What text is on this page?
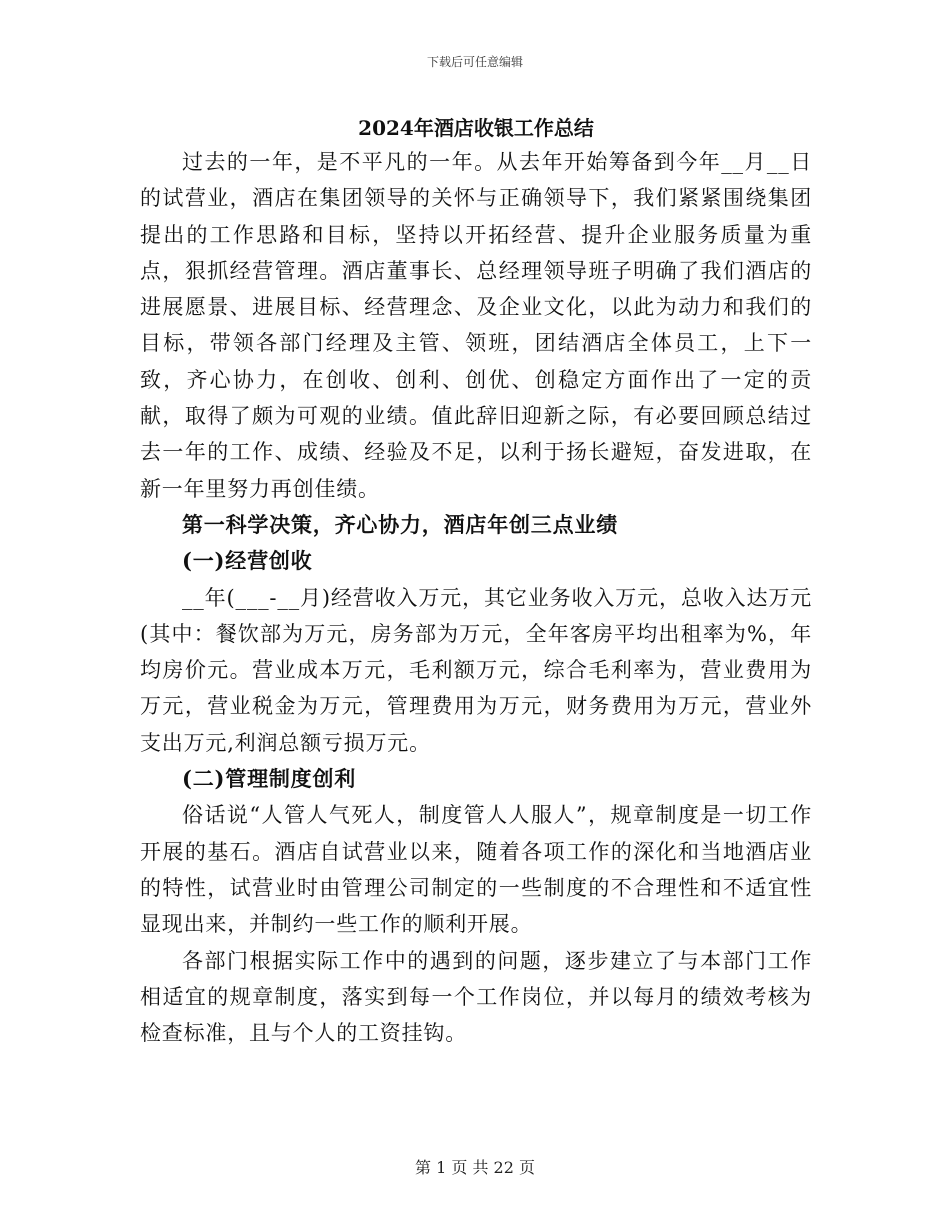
下载后可任意编辑
2024年酒店收银工作总结

过去的一年，是不平凡的一年。从去年开始筹备到今年__月__日的试营业，酒店在集团领导的关怀与正确领导下，我们紧紧围绕集团提出的工作思路和目标，坚持以开拓经营、提升企业服务质量为重点，狠抓经营管理。酒店董事长、总经理领导班子明确了我们酒店的进展愿景、进展目标、经营理念、及企业文化，以此为动力和我们的目标，带领各部门经理及主管、领班，团结酒店全体员工，上下一致，齐心协力，在创收、创利、创优、创稳定方面作出了一定的贡献，取得了颇为可观的业绩。值此辞旧迎新之际，有必要回顾总结过去一年的工作、成绩、经验及不足，以利于扬长避短，奋发进取，在新一年里努力再创佳绩。

第一科学决策，齐心协力，酒店年创三点业绩

(一)经营创收

__年(___-__月)经营收入万元，其它业务收入万元，总收入达万元(其中：餐饮部为万元，房务部为万元，全年客房平均出租率为%，年均房价元。营业成本万元，毛利额万元，综合毛利率为，营业费用为万元，营业税金为万元，管理费用为万元，财务费用为万元，营业外支出万元,利润总额亏损万元。

(二)管理制度创利

俗话说“人管人气死人，制度管人人服人”，规章制度是一切工作开展的基石。酒店自试营业以来，随着各项工作的深化和当地酒店业的特性，试营业时由管理公司制定的一些制度的不合理性和不适宜性显现出来，并制约一些工作的顺利开展。

各部门根据实际工作中的遇到的问题，逐步建立了与本部门工作相适宜的规章制度，落实到每一个工作岗位，并以每月的绩效考核为检查标准，且与个人的工资挂钩。

第 1 页 共 22 页
